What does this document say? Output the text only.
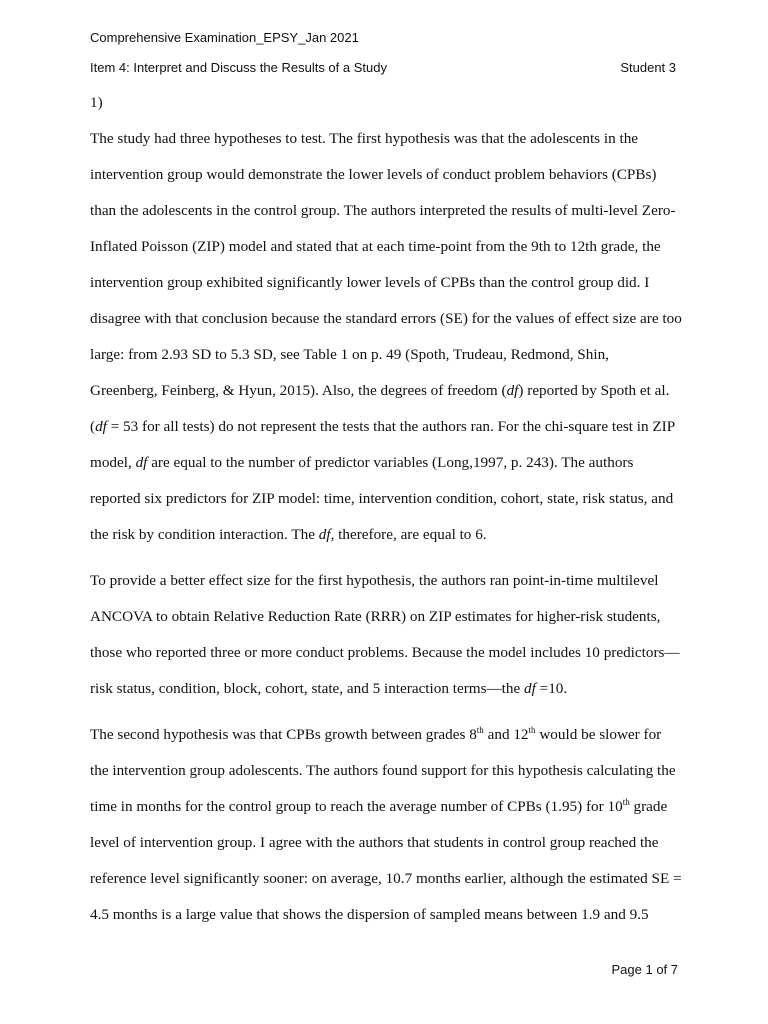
Comprehensive Examination_EPSY_Jan 2021
Item 4: Interpret and Discuss the Results of a Study	Student 3
1)
The study had three hypotheses to test. The first hypothesis was that the adolescents in the
intervention group would demonstrate the lower levels of conduct problem behaviors (CPBs)
than the adolescents in the control group. The authors interpreted the results of multi-level Zero-
Inflated Poisson (ZIP) model and stated that at each time-point from the 9th to 12th grade, the
intervention group exhibited significantly lower levels of CPBs than the control group did. I
disagree with that conclusion because the standard errors (SE) for the values of effect size are too
large: from 2.93 SD to 5.3 SD, see Table 1 on p. 49 (Spoth, Trudeau, Redmond, Shin,
Greenberg, Feinberg, & Hyun, 2015). Also, the degrees of freedom (df) reported by Spoth et al.
(df = 53 for all tests) do not represent the tests that the authors ran. For the chi-square test in ZIP
model, df are equal to the number of predictor variables (Long,1997, p. 243). The authors
reported six predictors for ZIP model: time, intervention condition, cohort, state, risk status, and
the risk by condition interaction. The df, therefore, are equal to 6.
To provide a better effect size for the first hypothesis, the authors ran point-in-time multilevel
ANCOVA to obtain Relative Reduction Rate (RRR) on ZIP estimates for higher-risk students,
those who reported three or more conduct problems. Because the model includes 10 predictors—
risk status, condition, block, cohort, state, and 5 interaction terms—the df =10.
The second hypothesis was that CPBs growth between grades 8th and 12th would be slower for
the intervention group adolescents. The authors found support for this hypothesis calculating the
time in months for the control group to reach the average number of CPBs (1.95) for 10th grade
level of intervention group. I agree with the authors that students in control group reached the
reference level significantly sooner: on average, 10.7 months earlier, although the estimated SE =
4.5 months is a large value that shows the dispersion of sampled means between 1.9 and 9.5
Page 1 of 7
